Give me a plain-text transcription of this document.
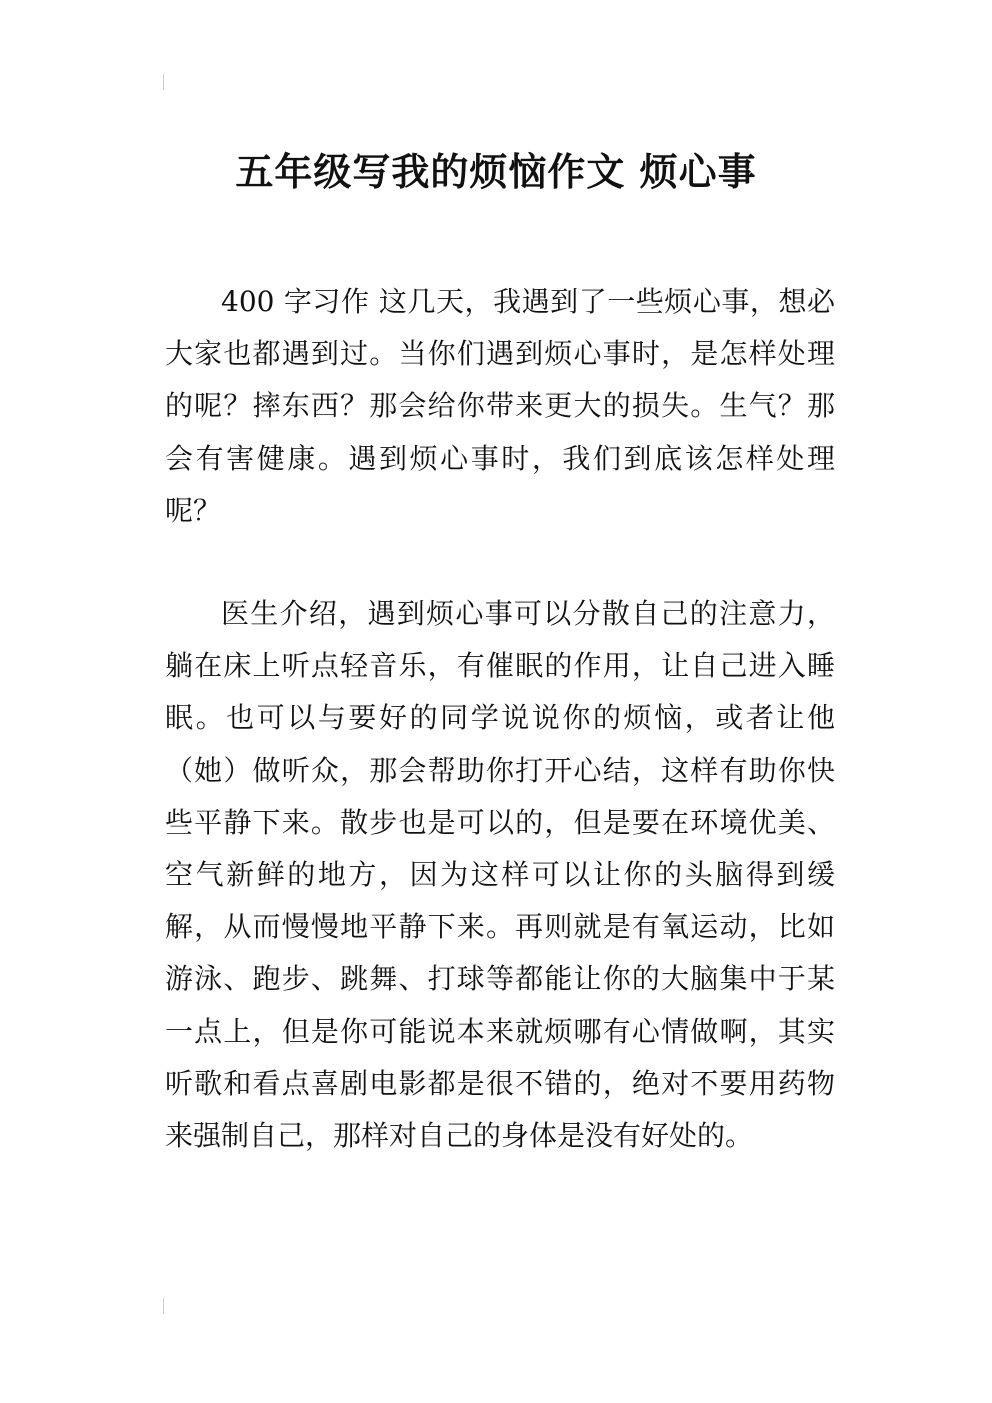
五年级写我的烦恼作文 烦心事

400 字习作 这几天，我遇到了一些烦心事，想必大家也都遇到过。当你们遇到烦心事时，是怎样处理的呢？摔东西？那会给你带来更大的损失。生气？那会有害健康。遇到烦心事时，我们到底该怎样处理呢？

医生介绍，遇到烦心事可以分散自己的注意力，躺在床上听点轻音乐，有催眠的作用，让自己进入睡眠。也可以与要好的同学说说你的烦恼，或者让他（她）做听众，那会帮助你打开心结，这样有助你快些平静下来。散步也是可以的，但是要在环境优美、空气新鲜的地方，因为这样可以让你的头脑得到缓解，从而慢慢地平静下来。再则就是有氧运动，比如游泳、跑步、跳舞、打球等都能让你的大脑集中于某一点上，但是你可能说本来就烦哪有心情做啊，其实听歌和看点喜剧电影都是很不错的，绝对不要用药物来强制自己，那样对自己的身体是没有好处的。
